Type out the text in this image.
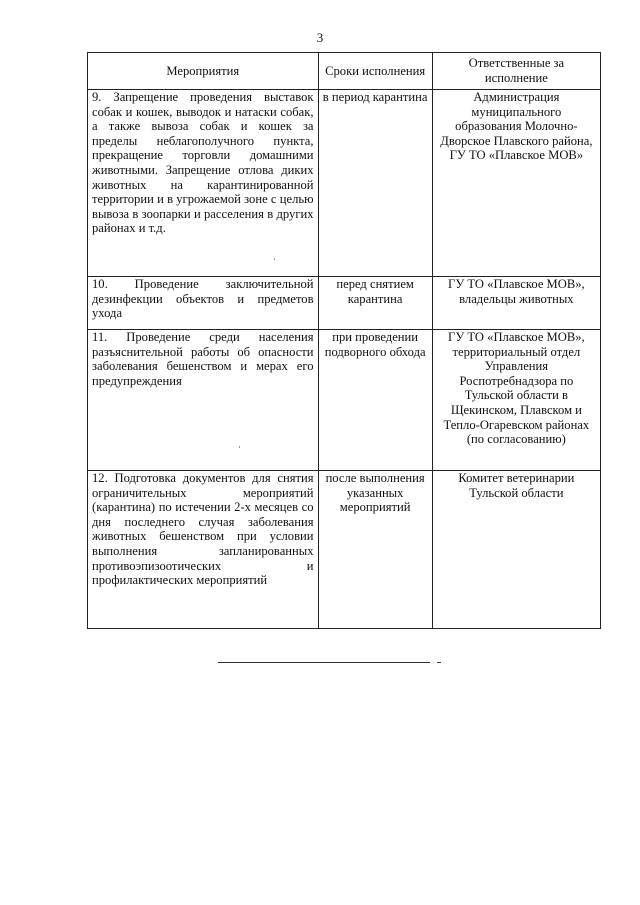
3
Мероприятия	Сроки исполнения	Ответственные за исполнение
9. Запрещение проведения выставок собак и кошек, выводок и натаски собак, а также вывоза собак и кошек за пределы неблагополучного пункта, прекращение торговли домашними животными. Запрещение отлова диких животных на карантинированной территории и в угрожаемой зоне с целью вывоза в зоопарки и расселения в других районах и т.д.	в период карантина	Администрация муниципального образования Молочно-Дворское Плавского района, ГУ ТО «Плавское МОВ»
10. Проведение заключительной дезинфекции объектов и предметов ухода	перед снятием карантина	ГУ ТО «Плавское МОВ», владельцы животных
11. Проведение среди населения разъяснительной работы об опасности заболевания бешенством и мерах его предупреждения	при проведении подворного обхода	ГУ ТО «Плавское МОВ», территориальный отдел Управления Роспотребнадзора по Тульской области в Щекинском, Плавском и Тепло-Огаревском районах (по согласованию)
12. Подготовка документов для снятия ограничительных мероприятий (карантина) по истечении 2-х месяцев со дня последнего случая заболевания животных бешенством при условии выполнения запланированных противоэпизоотических и профилактических мероприятий	после выполнения указанных мероприятий	Комитет ветеринарии Тульской области
